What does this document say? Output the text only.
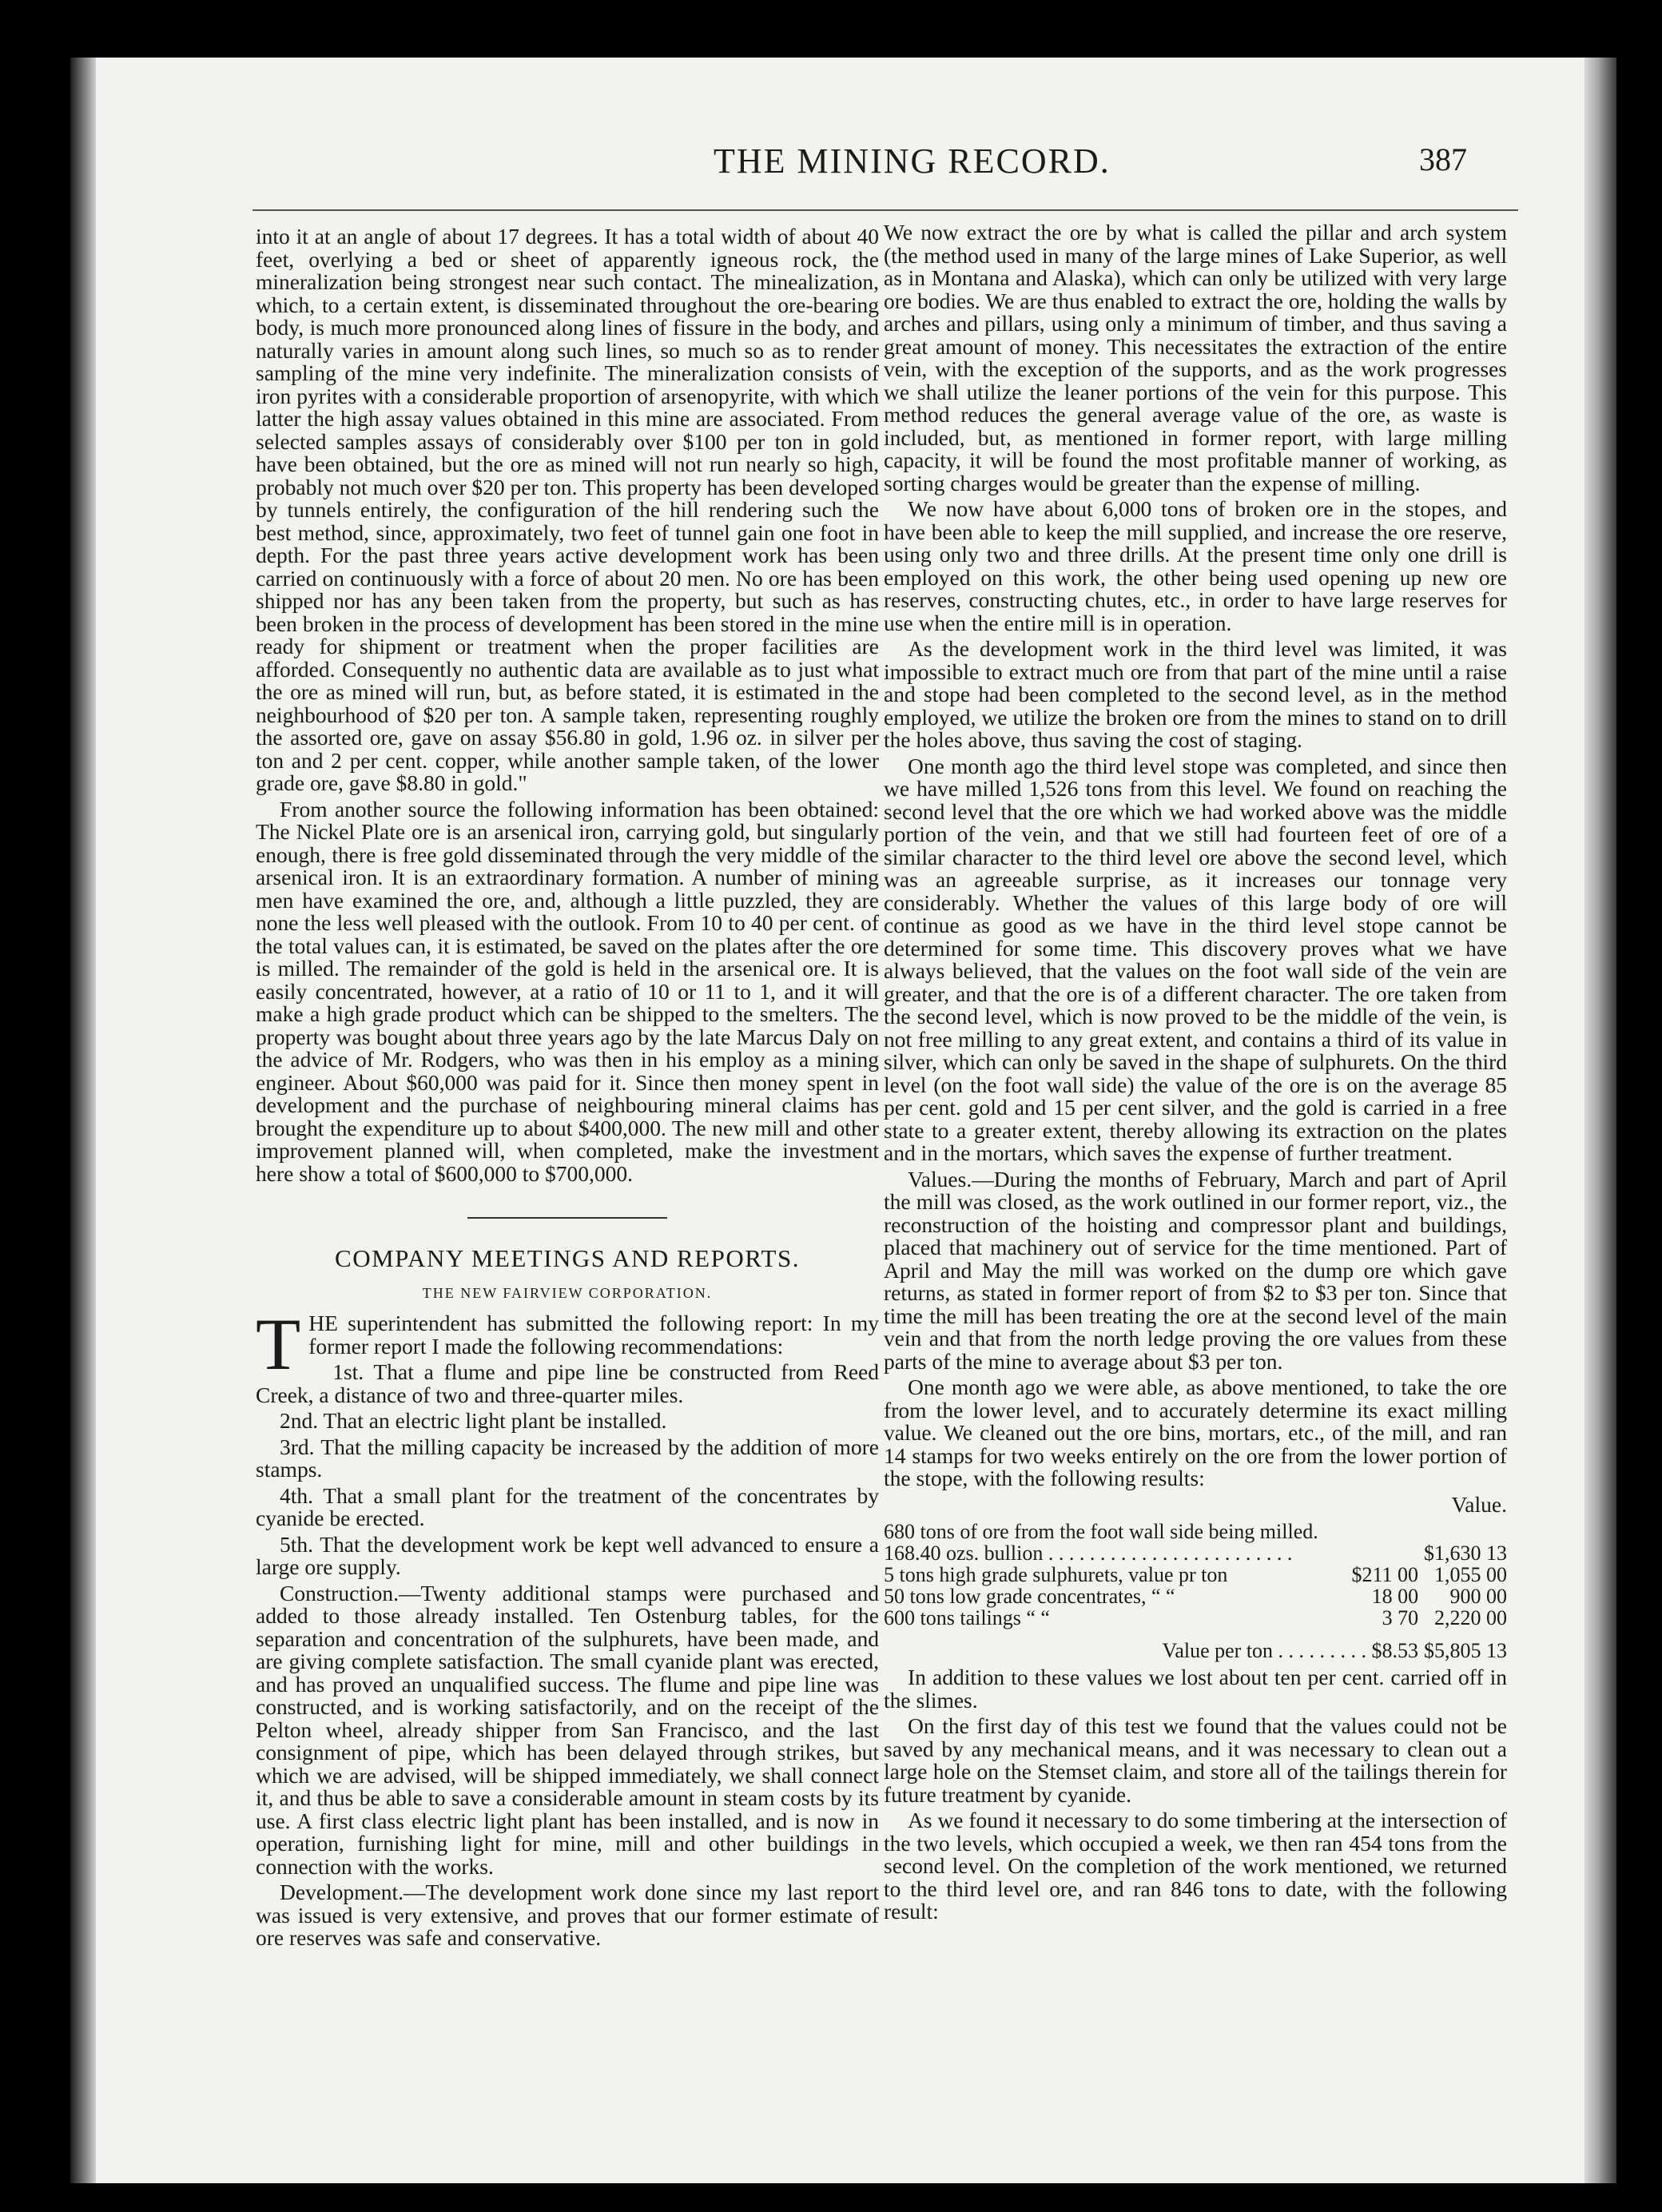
THE MINING RECORD.	387

into it at an angle of about 17 degrees. It has a total width of about 40 feet, overlying a bed or sheet of apparently igneous rock, the mineralization being strongest near such contact. The minealization, which, to a certain extent, is disseminated throughout the ore-bearing body, is much more pronounced along lines of fissure in the body, and naturally varies in amount along such lines, so much so as to render sampling of the mine very indefinite. The mineralization consists of iron pyrites with a considerable proportion of arsenopyrite, with which latter the high assay values obtained in this mine are associated. From selected samples assays of considerably over $100 per ton in gold have been obtained, but the ore as mined will not run nearly so high, probably not much over $20 per ton. This property has been developed by tunnels entirely, the configuration of the hill rendering such the best method, since, approximately, two feet of tunnel gain one foot in depth. For the past three years active development work has been carried on continuously with a force of about 20 men. No ore has been shipped nor has any been taken from the property, but such as has been broken in the process of development has been stored in the mine ready for shipment or treatment when the proper facilities are afforded. Consequently no authentic data are available as to just what the ore as mined will run, but, as before stated, it is estimated in the neighbourhood of $20 per ton. A sample taken, representing roughly the assorted ore, gave on assay $56.80 in gold, 1.96 oz. in silver per ton and 2 per cent. copper, while another sample taken, of the lower grade ore, gave $8.80 in gold."

From another source the following information has been obtained: The Nickel Plate ore is an arsenical iron, carrying gold, but singularly enough, there is free gold disseminated through the very middle of the arsenical iron. It is an extraordinary formation. A number of mining men have examined the ore, and, although a little puzzled, they are none the less well pleased with the outlook. From 10 to 40 per cent. of the total values can, it is estimated, be saved on the plates after the ore is milled. The remainder of the gold is held in the arsenical ore. It is easily concentrated, however, at a ratio of 10 or 11 to 1, and it will make a high grade product which can be shipped to the smelters. The property was bought about three years ago by the late Marcus Daly on the advice of Mr. Rodgers, who was then in his employ as a mining engineer. About $60,000 was paid for it. Since then money spent in development and the purchase of neighbouring mineral claims has brought the expenditure up to about $400,000. The new mill and other improvement planned will, when completed, make the investment here show a total of $600,000 to $700,000.

COMPANY MEETINGS AND REPORTS.
THE NEW FAIRVIEW CORPORATION.

THE superintendent has submitted the following report: In my former report I made the following recommendations:

1st. That a flume and pipe line be constructed from Reed Creek, a distance of two and three-quarter miles.

2nd. That an electric light plant be installed.

3rd. That the milling capacity be increased by the addition of more stamps.

4th. That a small plant for the treatment of the concentrates by cyanide be erected.

5th. That the development work be kept well advanced to ensure a large ore supply.

Construction.—Twenty additional stamps were purchased and added to those already installed. Ten Ostenburg tables, for the separation and concentration of the sulphurets, have been made, and are giving complete satisfaction. The small cyanide plant was erected, and has proved an unqualified success. The flume and pipe line was constructed, and is working satisfactorily, and on the receipt of the Pelton wheel, already shipper from San Francisco, and the last consignment of pipe, which has been delayed through strikes, but which we are advised, will be shipped immediately, we shall connect it, and thus be able to save a considerable amount in steam costs by its use. A first class electric light plant has been installed, and is now in operation, furnishing light for mine, mill and other buildings in connection with the works.

Development.—The development work done since my last report was issued is very extensive, and proves that our former estimate of ore reserves was safe and conservative.

We now extract the ore by what is called the pillar and arch system (the method used in many of the large mines of Lake Superior, as well as in Montana and Alaska), which can only be utilized with very large ore bodies. We are thus enabled to extract the ore, holding the walls by arches and pillars, using only a minimum of timber, and thus saving a great amount of money. This necessitates the extraction of the entire vein, with the exception of the supports, and as the work progresses we shall utilize the leaner portions of the vein for this purpose. This method reduces the general average value of the ore, as waste is included, but, as mentioned in former report, with large milling capacity, it will be found the most profitable manner of working, as sorting charges would be greater than the expense of milling.

We now have about 6,000 tons of broken ore in the stopes, and have been able to keep the mill supplied, and increase the ore reserve, using only two and three drills. At the present time only one drill is employed on this work, the other being used opening up new ore reserves, constructing chutes, etc., in order to have large reserves for use when the entire mill is in operation.

As the development work in the third level was limited, it was impossible to extract much ore from that part of the mine until a raise and stope had been completed to the second level, as in the method employed, we utilize the broken ore from the mines to stand on to drill the holes above, thus saving the cost of staging.

One month ago the third level stope was completed, and since then we have milled 1,526 tons from this level. We found on reaching the second level that the ore which we had worked above was the middle portion of the vein, and that we still had fourteen feet of ore of a similar character to the third level ore above the second level, which was an agreeable surprise, as it increases our tonnage very considerably. Whether the values of this large body of ore will continue as good as we have in the third level stope cannot be determined for some time. This discovery proves what we have always believed, that the values on the foot wall side of the vein are greater, and that the ore is of a different character. The ore taken from the second level, which is now proved to be the middle of the vein, is not free milling to any great extent, and contains a third of its value in silver, which can only be saved in the shape of sulphurets. On the third level (on the foot wall side) the value of the ore is on the average 85 per cent. gold and 15 per cent silver, and the gold is carried in a free state to a greater extent, thereby allowing its extraction on the plates and in the mortars, which saves the expense of further treatment.

Values.—During the months of February, March and part of April the mill was closed, as the work outlined in our former report, viz., the reconstruction of the hoisting and compressor plant and buildings, placed that machinery out of service for the time mentioned. Part of April and May the mill was worked on the dump ore which gave returns, as stated in former report of from $2 to $3 per ton. Since that time the mill has been treating the ore at the second level of the main vein and that from the north ledge proving the ore values from these parts of the mine to average about $3 per ton.

One month ago we were able, as above mentioned, to take the ore from the lower level, and to accurately determine its exact milling value. We cleaned out the ore bins, mortars, etc., of the mill, and ran 14 stamps for two weeks entirely on the ore from the lower portion of the stope, with the following results:

Value.
680 tons of ore from the foot wall side being milled.		
168.40 ozs. bullion . . . . . . . . . . . . . . . . . . . . . . . .		$1,630 13
5 tons high grade sulphurets, value pr ton	$211 00	1,055 00
50 tons low grade concentrates, “ “	18 00	900 00
600 tons tailings “ “	3 70	2,220 00
Value per ton . . . . . . . . . $8.53		$5,805 13

In addition to these values we lost about ten per cent. carried off in the slimes.

On the first day of this test we found that the values could not be saved by any mechanical means, and it was necessary to clean out a large hole on the Stemset claim, and store all of the tailings therein for future treatment by cyanide.

As we found it necessary to do some timbering at the intersection of the two levels, which occupied a week, we then ran 454 tons from the second level. On the completion of the work mentioned, we returned to the third level ore, and ran 846 tons to date, with the following result:
